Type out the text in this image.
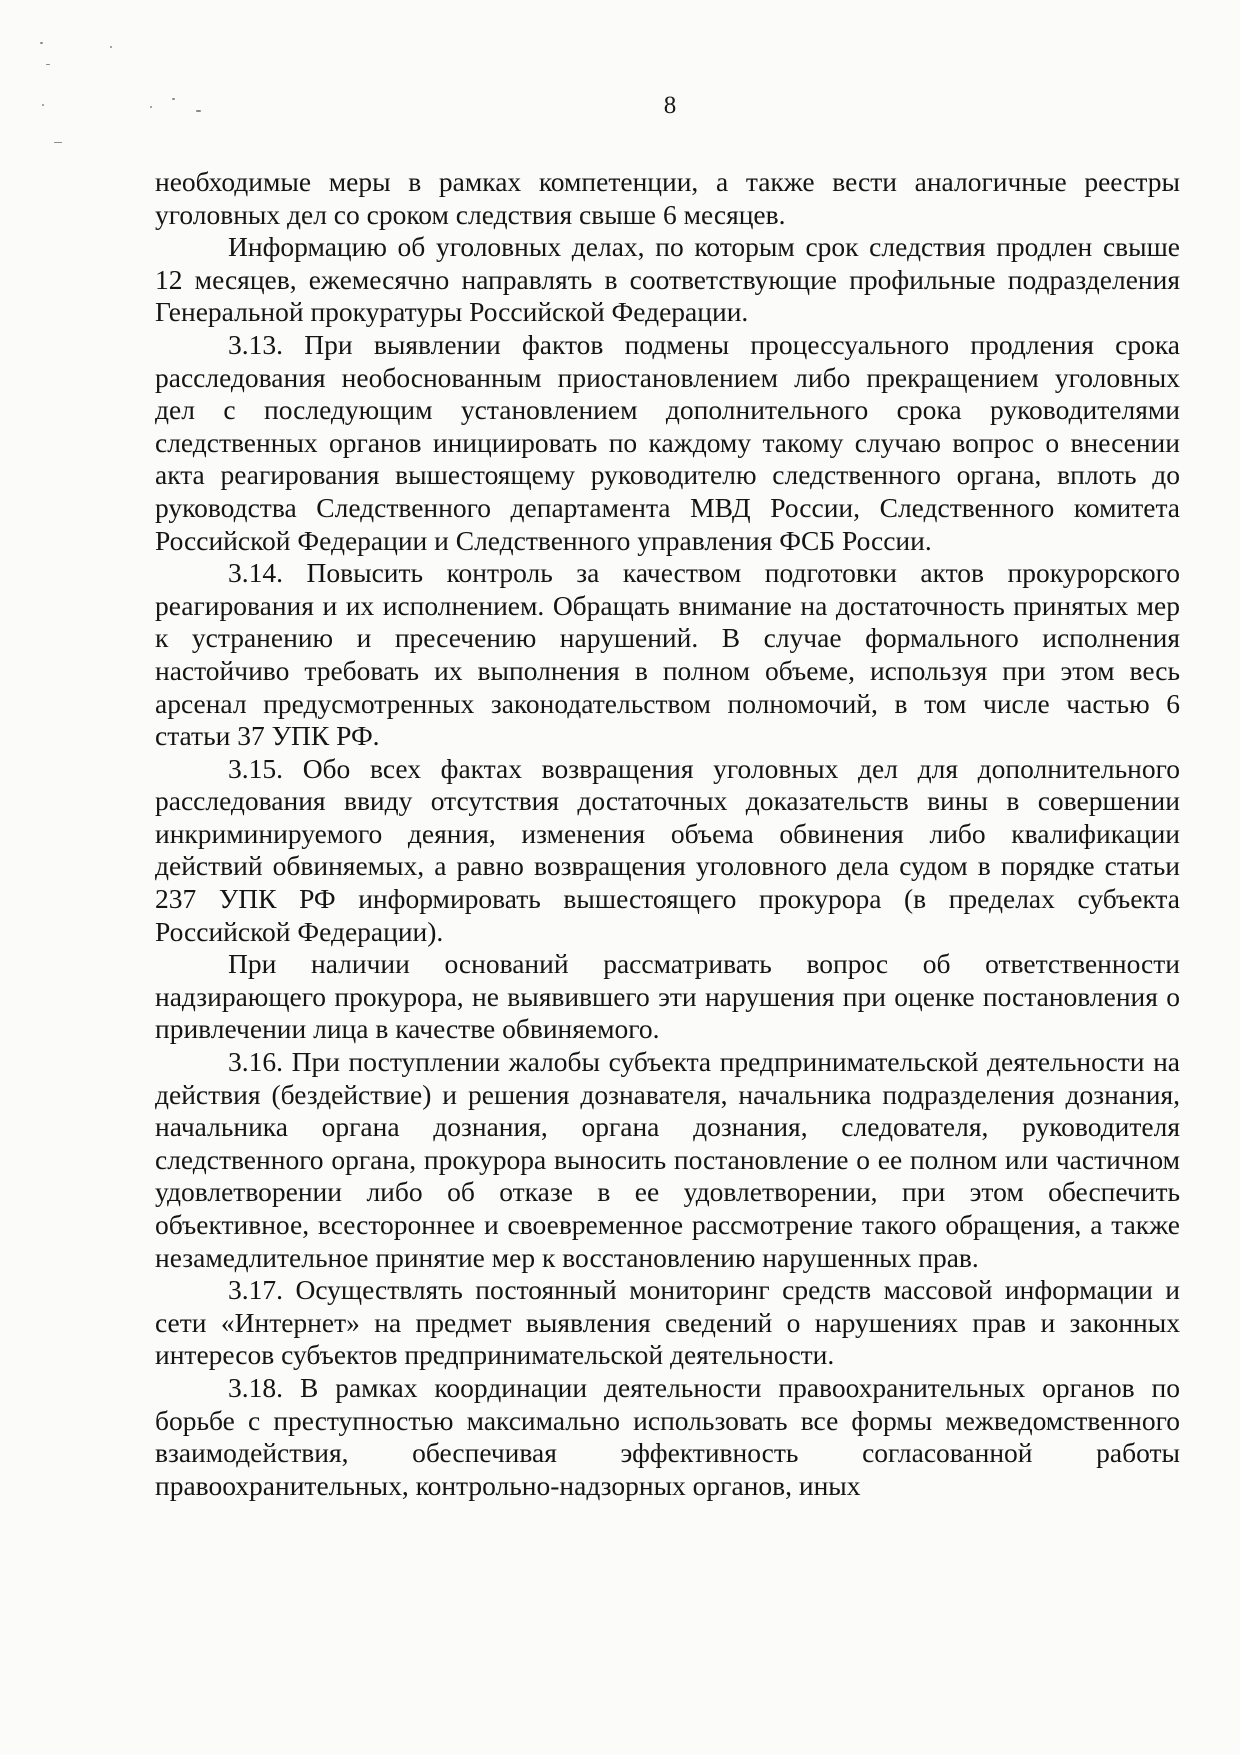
8

необходимые меры в рамках компетенции, а также вести аналогичные реестры уголовных дел со сроком следствия свыше 6 месяцев.

Информацию об уголовных делах, по которым срок следствия продлен свыше 12 месяцев, ежемесячно направлять в соответствующие профильные подразделения Генеральной прокуратуры Российской Федерации.

3.13. При выявлении фактов подмены процессуального продления срока расследования необоснованным приостановлением либо прекращением уголовных дел с последующим установлением дополнительного срока руководителями следственных органов инициировать по каждому такому случаю вопрос о внесении акта реагирования вышестоящему руководителю следственного органа, вплоть до руководства Следственного департамента МВД России, Следственного комитета Российской Федерации и Следственного управления ФСБ России.

3.14. Повысить контроль за качеством подготовки актов прокурорского реагирования и их исполнением. Обращать внимание на достаточность принятых мер к устранению и пресечению нарушений. В случае формального исполнения настойчиво требовать их выполнения в полном объеме, используя при этом весь арсенал предусмотренных законодательством полномочий, в том числе частью 6 статьи 37 УПК РФ.

3.15. Обо всех фактах возвращения уголовных дел для дополнительного расследования ввиду отсутствия достаточных доказательств вины в совершении инкриминируемого деяния, изменения объема обвинения либо квалификации действий обвиняемых, а равно возвращения уголовного дела судом в порядке статьи 237 УПК РФ информировать вышестоящего прокурора (в пределах субъекта Российской Федерации).

При наличии оснований рассматривать вопрос об ответственности надзирающего прокурора, не выявившего эти нарушения при оценке постановления о привлечении лица в качестве обвиняемого.

3.16. При поступлении жалобы субъекта предпринимательской деятельности на действия (бездействие) и решения дознавателя, начальника подразделения дознания, начальника органа дознания, органа дознания, следователя, руководителя следственного органа, прокурора выносить постановление о ее полном или частичном удовлетворении либо об отказе в ее удовлетворении, при этом обеспечить объективное, всестороннее и своевременное рассмотрение такого обращения, а также незамедлительное принятие мер к восстановлению нарушенных прав.

3.17. Осуществлять постоянный мониторинг средств массовой информации и сети «Интернет» на предмет выявления сведений о нарушениях прав и законных интересов субъектов предпринимательской деятельности.

3.18. В рамках координации деятельности правоохранительных органов по борьбе с преступностью максимально использовать все формы межведомственного взаимодействия, обеспечивая эффективность согласованной работы правоохранительных, контрольно-надзорных органов, иных
